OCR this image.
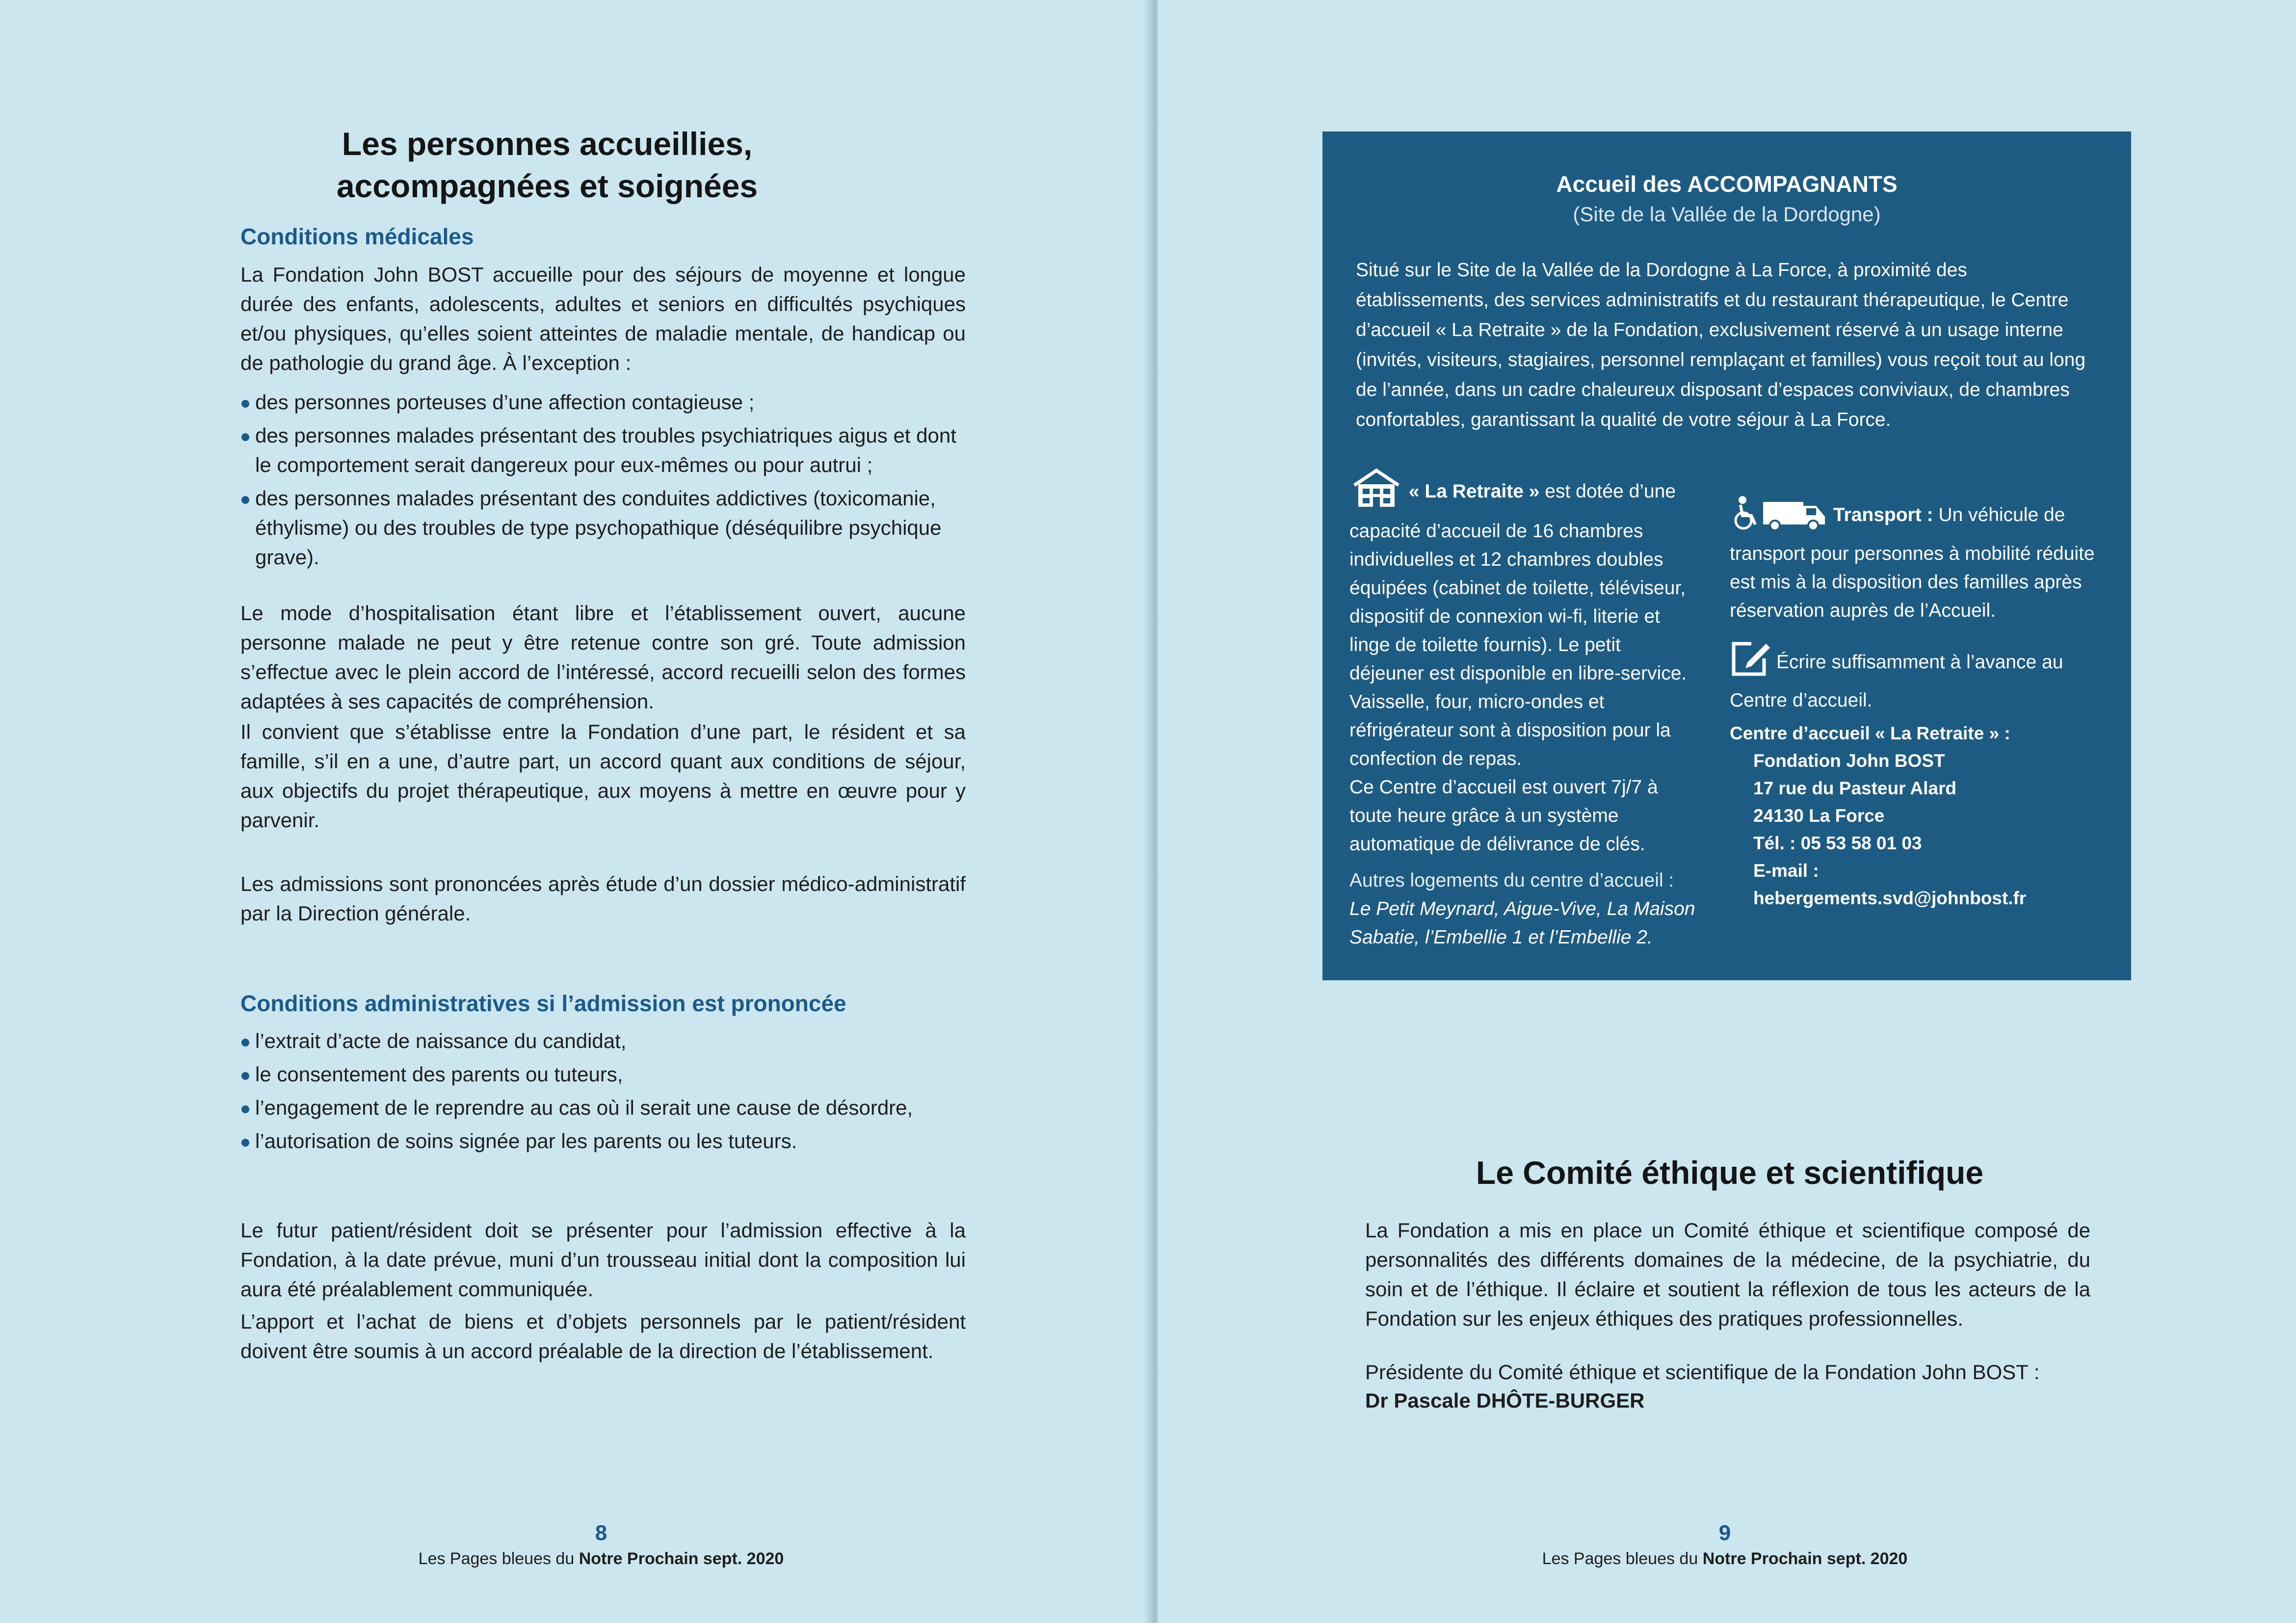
Les personnes accueillies,
accompagnées et soignées
Conditions médicales
La Fondation John BOST accueille pour des séjours de moyenne et longue durée des enfants, adolescents, adultes et seniors en difficultés psychiques et/ou physiques, qu’elles soient atteintes de maladie mentale, de handicap ou de pathologie du grand âge. À l’exception :
des personnes porteuses d’une affection contagieuse ;
des personnes malades présentant des troubles psychiatriques aigus et dont le comportement serait dangereux pour eux-mêmes ou pour autrui ;
des personnes malades présentant des conduites addictives (toxicomanie, éthylisme) ou des troubles de type psychopathique (déséquilibre psychique grave).
Le mode d’hospitalisation étant libre et l’établissement ouvert, aucune personne malade ne peut y être retenue contre son gré. Toute admission s’effectue avec le plein accord de l’intéressé, accord recueilli selon des formes adaptées à ses capacités de compréhension.
Il convient que s’établisse entre la Fondation d’une part, le résident et sa famille, s’il en a une, d’autre part, un accord quant aux conditions de séjour, aux objectifs du projet thérapeutique, aux moyens à mettre en œuvre pour y parvenir.
Les admissions sont prononcées après étude d’un dossier médico-administratif par la Direction générale.
Conditions administratives si l’admission est prononcée
l’extrait d’acte de naissance du candidat,
le consentement des parents ou tuteurs,
l’engagement de le reprendre au cas où il serait une cause de désordre,
l’autorisation de soins signée par les parents ou les tuteurs.
Le futur patient/résident doit se présenter pour l’admission effective à la Fondation, à la date prévue, muni d’un trousseau initial dont la composition lui aura été préalablement communiquée.
L’apport et l’achat de biens et d’objets personnels par le patient/résident doivent être soumis à un accord préalable de la direction de l’établissement.
8
Les Pages bleues du Notre Prochain sept. 2020
Accueil des ACCOMPAGNANTS
(Site de la Vallée de la Dordogne)
Situé sur le Site de la Vallée de la Dordogne à La Force, à proximité des établissements, des services administratifs et du restaurant thérapeutique, le Centre d’accueil « La Retraite » de la Fondation, exclusivement réservé à un usage interne (invités, visiteurs, stagiaires, personnel remplaçant et familles) vous reçoit tout au long de l’année, dans un cadre chaleureux disposant d’espaces conviviaux, de chambres confortables, garantissant la qualité de votre séjour à La Force.
« La Retraite » est dotée d’une capacité d’accueil de 16 chambres individuelles et 12 chambres doubles équipées (cabinet de toilette, téléviseur, dispositif de connexion wi-fi, literie et linge de toilette fournis). Le petit déjeuner est disponible en libre-service. Vaisselle, four, micro-ondes et réfrigérateur sont à disposition pour la confection de repas.
Ce Centre d’accueil est ouvert 7j/7 à toute heure grâce à un système automatique de délivrance de clés.
Autres logements du centre d’accueil :
Le Petit Meynard, Aigue-Vive, La Maison Sabatie, l’Embellie 1 et l’Embellie 2.
Transport : Un véhicule de transport pour personnes à mobilité réduite est mis à la disposition des familles après réservation auprès de l’Accueil.
Écrire suffisamment à l’avance au Centre d’accueil.
Centre d’accueil « La Retraite » :
Fondation John BOST
17 rue du Pasteur Alard
24130 La Force
Tél. : 05 53 58 01 03
E-mail : hebergements.svd@johnbost.fr
Le Comité éthique et scientifique
La Fondation a mis en place un Comité éthique et scientifique composé de personnalités des différents domaines de la médecine, de la psychiatrie, du soin et de l’éthique. Il éclaire et soutient la réflexion de tous les acteurs de la Fondation sur les enjeux éthiques des pratiques professionnelles.
Présidente du Comité éthique et scientifique de la Fondation John BOST :
Dr Pascale DHÔTE-BURGER
9
Les Pages bleues du Notre Prochain sept. 2020
